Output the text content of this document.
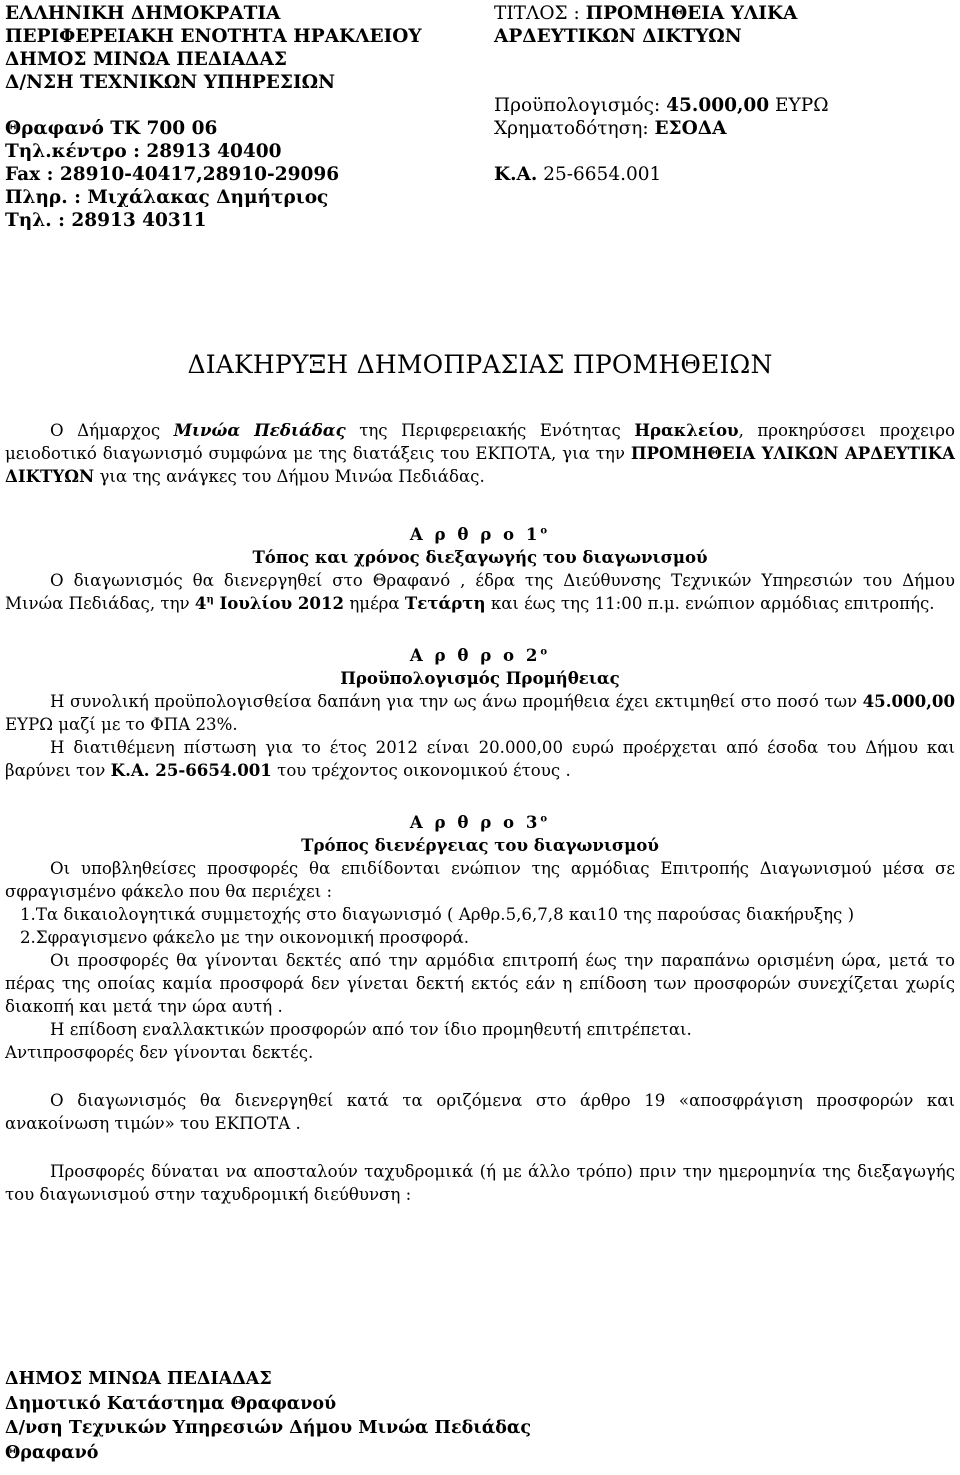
ΕΛΛΗΝΙΚΗ ΔΗΜΟΚΡΑΤΙΑ
ΠΕΡΙΦΕΡΕΙΑΚΗ ΕΝΟΤΗΤΑ ΗΡΑΚΛΕΙΟΥ
ΔΗΜΟΣ ΜΙΝΩΑ ΠΕΔΙΑΔΑΣ
Δ/ΝΣΗ ΤΕΧΝΙΚΩΝ ΥΠΗΡΕΣΙΩΝ
Θραφανό ΤΚ 700 06
Τηλ.κέντρο : 28913 40400
Fax : 28910-40417,28910-29096
Πληρ. : Μιχάλακας Δημήτριος
Τηλ. : 28913 40311
ΤΙΤΛΟΣ : ΠΡΟΜΗΘΕΙΑ ΥΛΙΚΑ
ΑΡΔΕΥΤΙΚΩΝ ΔΙΚΤΥΩΝ
Προϋπολογισμός: 45.000,00 ΕΥΡΩ
Χρηματοδότηση: ΕΣΟΔΑ
Κ.Α. 25-6654.001
ΔΙΑΚΗΡΥΞΗ ΔΗΜΟΠΡΑΣΙΑΣ ΠΡΟΜΗΘΕΙΩΝ

Ο Δήμαρχος Μινώα Πεδιάδας της Περιφερειακής Ενότητας Ηρακλείου, προκηρύσσει προχειρο μειοδοτικό διαγωνισμό συμφώνα με της διατάξεις του ΕΚΠΟΤΑ, για την ΠΡΟΜΗΘΕΙΑ ΥΛΙΚΩΝ ΑΡΔΕΥΤΙΚΑ ΔΙΚΤΥΩΝ για της ανάγκες του Δήμου Μινώα Πεδιάδας.

Α ρ θ ρ ο $1^o$
Τόπος και χρόνος διεξαγωγής του διαγωνισμού

Ο διαγωνισμός θα διενεργηθεί στο Θραφανό , έδρα της Διεύθυνσης Τεχνικών Υπηρεσιών του Δήμου Μινώα Πεδιάδας, την $4^\eta$ Ιουλίου 2012 ημέρα Τετάρτη και έως της 11:00 π.μ. ενώπιον αρμόδιας επιτροπής.

Α ρ θ ρ ο $2^o$
Προϋπολογισμός Προμήθειας

Η συνολική προϋπολογισθείσα δαπάνη για την ως άνω προμήθεια έχει εκτιμηθεί στο ποσό των 45.000,00 ΕΥΡΩ μαζί με το ΦΠΑ 23%.

Η διατιθέμενη πίστωση για το έτος 2012 είναι 20.000,00 ευρώ προέρχεται από έσοδα του Δήμου και βαρύνει τον Κ.Α. 25-6654.001 του τρέχοντος οικονομικού έτους .

Α ρ θ ρ ο $3^o$
Τρόπος διενέργειας του διαγωνισμού

Οι υποβληθείσες προσφορές θα επιδίδονται ενώπιον της αρμόδιας Επιτροπής Διαγωνισμού μέσα σε σφραγισμένο φάκελο που θα περιέχει :

1.Τα δικαιολογητικά συμμετοχής στο διαγωνισμό ( Αρθρ.5,6,7,8 και10 της παρούσας διακήρυξης )

2.Σφραγισμενο φάκελο με την οικονομική προσφορά.

Οι προσφορές θα γίνονται δεκτές από την αρμόδια επιτροπή έως την παραπάνω ορισμένη ώρα, μετά το πέρας της οποίας καμία προσφορά δεν γίνεται δεκτή εκτός εάν η επίδοση των προσφορών συνεχίζεται χωρίς διακοπή και μετά την ώρα αυτή .

Η επίδοση εναλλακτικών προσφορών από τον ίδιο προμηθευτή επιτρέπεται.

Αντιπροσφορές δεν γίνονται δεκτές.

Ο διαγωνισμός θα διενεργηθεί κατά τα οριζόμενα στο άρθρο 19 «αποσφράγιση προσφορών και ανακοίνωση τιμών» του ΕΚΠΟΤΑ .

Προσφορές δύναται να αποσταλούν ταχυδρομικά (ή με άλλο τρόπο) πριν την ημερομηνία της διεξαγωγής του διαγωνισμού στην ταχυδρομική διεύθυνση :

ΔΗΜΟΣ ΜΙΝΩΑ ΠΕΔΙΑΔΑΣ
Δημοτικό Κατάστημα Θραφανού
Δ/νση Τεχνικών Υπηρεσιών Δήμου Μινώα Πεδιάδας
Θραφανό
